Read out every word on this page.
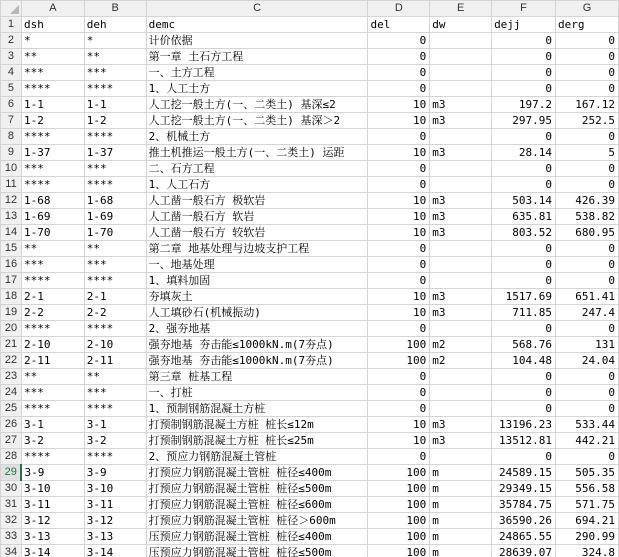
	A	B	C	D	E	F	G
1	dsh	deh	demc	del	dw	dejj	derg
2	*	*	计价依据	0		0	0
3	**	**	第一章 土石方工程	0		0	0
4	***	***	一、土方工程	0		0	0
5	****	****	1、人工土方	0		0	0
6	1-1	1-1	人工挖一般土方(一、二类土) 基深≤2	10	m3	197.2	167.12
7	1-2	1-2	人工挖一般土方(一、二类土) 基深＞2	10	m3	297.95	252.5
8	****	****	2、机械土方	0		0	0
9	1-37	1-37	推土机推运一般土方(一、二类土) 运距	10	m3	28.14	5
10	***	***	二、石方工程	0		0	0
11	****	****	1、人工石方	0		0	0
12	1-68	1-68	人工凿一般石方 极软岩	10	m3	503.14	426.39
13	1-69	1-69	人工凿一般石方 软岩	10	m3	635.81	538.82
14	1-70	1-70	人工凿一般石方 较软岩	10	m3	803.52	680.95
15	**	**	第二章 地基处理与边坡支护工程	0		0	0
16	***	***	一、地基处理	0		0	0
17	****	****	1、填料加固	0		0	0
18	2-1	2-1	夯填灰土	10	m3	1517.69	651.41
19	2-2	2-2	人工填砂石(机械振动)	10	m3	711.85	247.4
20	****	****	2、强夯地基	0		0	0
21	2-10	2-10	强夯地基 夯击能≤1000kN.m(7夯点)	100	m2	568.76	131
22	2-11	2-11	强夯地基 夯击能≤1000kN.m(7夯点)	100	m2	104.48	24.04
23	**	**	第三章 桩基工程	0		0	0
24	***	***	一、打桩	0		0	0
25	****	****	1、预制钢筋混凝土方桩	0		0	0
26	3-1	3-1	打预制钢筋混凝土方桩 桩长≤12m	10	m3	13196.23	533.44
27	3-2	3-2	打预制钢筋混凝土方桩 桩长≤25m	10	m3	13512.81	442.21
28	****	****	2、预应力钢筋混凝土管桩	0		0	0
29	3-9	3-9	打预应力钢筋混凝土管桩 桩径≤400m	100	m	24589.15	505.35
30	3-10	3-10	打预应力钢筋混凝土管桩 桩径≤500m	100	m	29349.15	556.58
31	3-11	3-11	打预应力钢筋混凝土管桩 桩径≤600m	100	m	35784.75	571.75
32	3-12	3-12	打预应力钢筋混凝土管桩 桩径＞600m	100	m	36590.26	694.21
33	3-13	3-13	压预应力钢筋混凝土管桩 桩径≤400m	100	m	24865.55	290.99
34	3-14	3-14	压预应力钢筋混凝土管桩 桩径≤500m	100	m	28639.07	324.8
